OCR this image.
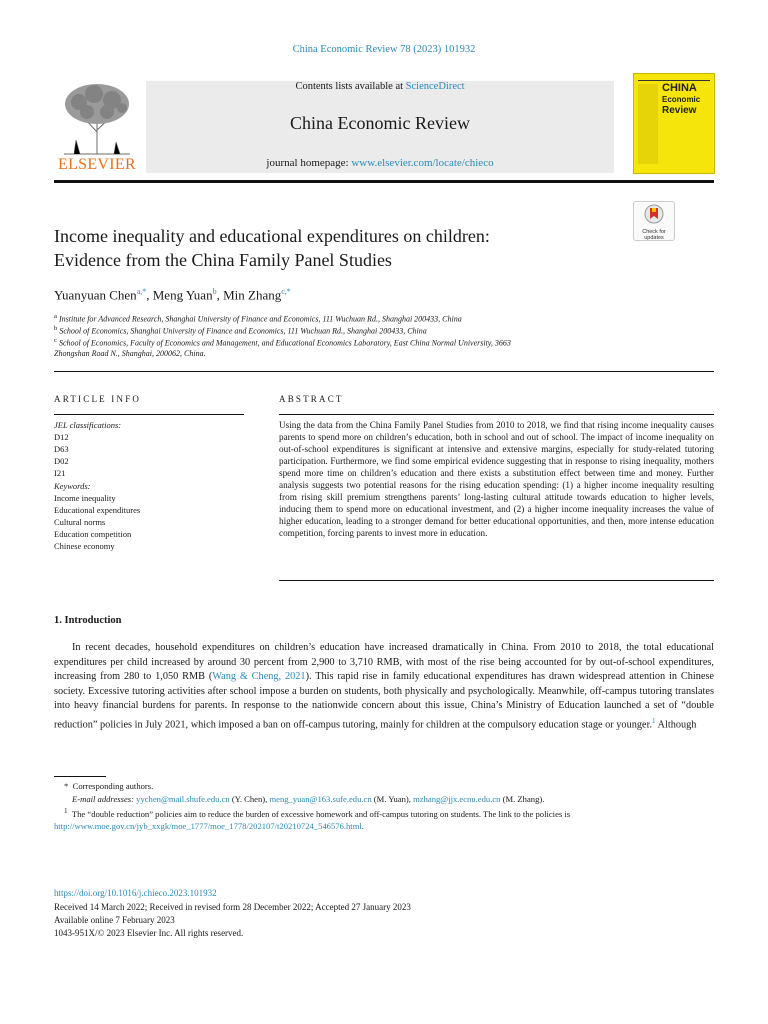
China Economic Review 78 (2023) 101932
ELSEVIER
Contents lists available at ScienceDirect
China Economic Review
journal homepage: www.elsevier.com/locate/chieco
CHINA
Economic
Review
Income inequality and educational expenditures on children:
Evidence from the China Family Panel Studies
Check for
updates
Yuanyuan Chen$^{a,*}$, Meng Yuan$^b$, Min Zhang$^{c,*}$
$^a$ Institute for Advanced Research, Shanghai University of Finance and Economics, 111 Wuchuan Rd., Shanghai 200433, China
$^b$ School of Economics, Shanghai University of Finance and Economics, 111 Wuchuan Rd., Shanghai 200433, China
$^c$ School of Economics, Faculty of Economics and Management, and Educational Economics Laboratory, East China Normal University, 3663
Zhongshan Road N., Shanghai, 200062, China.
ARTICLE INFO
JEL classifications:
D12
D63
D02
I21
Keywords:
Income inequality
Educational expenditures
Cultural norms
Education competition
Chinese economy
ABSTRACT
Using the data from the China Family Panel Studies from 2010 to 2018, we find that rising income inequality causes parents to spend more on children’s education, both in school and out of school. The impact of income inequality on out-of-school expenditures is significant at intensive and extensive margins, especially for study-related tutoring participation. Furthermore, we find some empirical evidence suggesting that in response to rising inequality, mothers spend more time on children’s education and there exists a substitution effect between time and money. Further analysis suggests two potential reasons for the rising education spending: (1) a higher income inequality resulting from rising skill premium strengthens parents’ long-lasting cultural attitude towards education to higher levels, inducing them to spend more on educational investment, and (2) a higher income inequality increases the value of higher education, leading to a stronger demand for better educational opportunities, and then, more intense education competition, forcing parents to invest more in education.
1. Introduction
In recent decades, household expenditures on children’s education have increased dramatically in China. From 2010 to 2018, the total educational expenditures per child increased by around 30 percent from 2,900 to 3,710 RMB, with most of the rise being accounted for by out-of-school expenditures, increasing from 280 to 1,050 RMB (Wang & Cheng, 2021). This rapid rise in family educational expenditures has drawn widespread attention in Chinese society. Excessive tutoring activities after school impose a burden on students, both physically and psychologically. Meanwhile, off-campus tutoring translates into heavy financial burdens for parents. In response to the nationwide concern about this issue, China’s Ministry of Education launched a set of “double reduction” policies in July 2021, which imposed a ban on off-campus tutoring, mainly for children at the compulsory education stage or younger.$^1$ Although
* Corresponding authors.
E-mail addresses: yychen@mail.shufe.edu.cn (Y. Chen), meng_yuan@163.sufe.edu.cn (M. Yuan), mzhang@jjx.ecnu.edu.cn (M. Zhang).
$^1$ The “double reduction” policies aim to reduce the burden of excessive homework and off-campus tutoring on students. The link to the policies is
http://www.moe.gov.cn/jyb_xxgk/moe_1777/moe_1778/202107/t20210724_546576.html.
https://doi.org/10.1016/j.chieco.2023.101932
Received 14 March 2022; Received in revised form 28 December 2022; Accepted 27 January 2023
Available online 7 February 2023
1043-951X/© 2023 Elsevier Inc. All rights reserved.
